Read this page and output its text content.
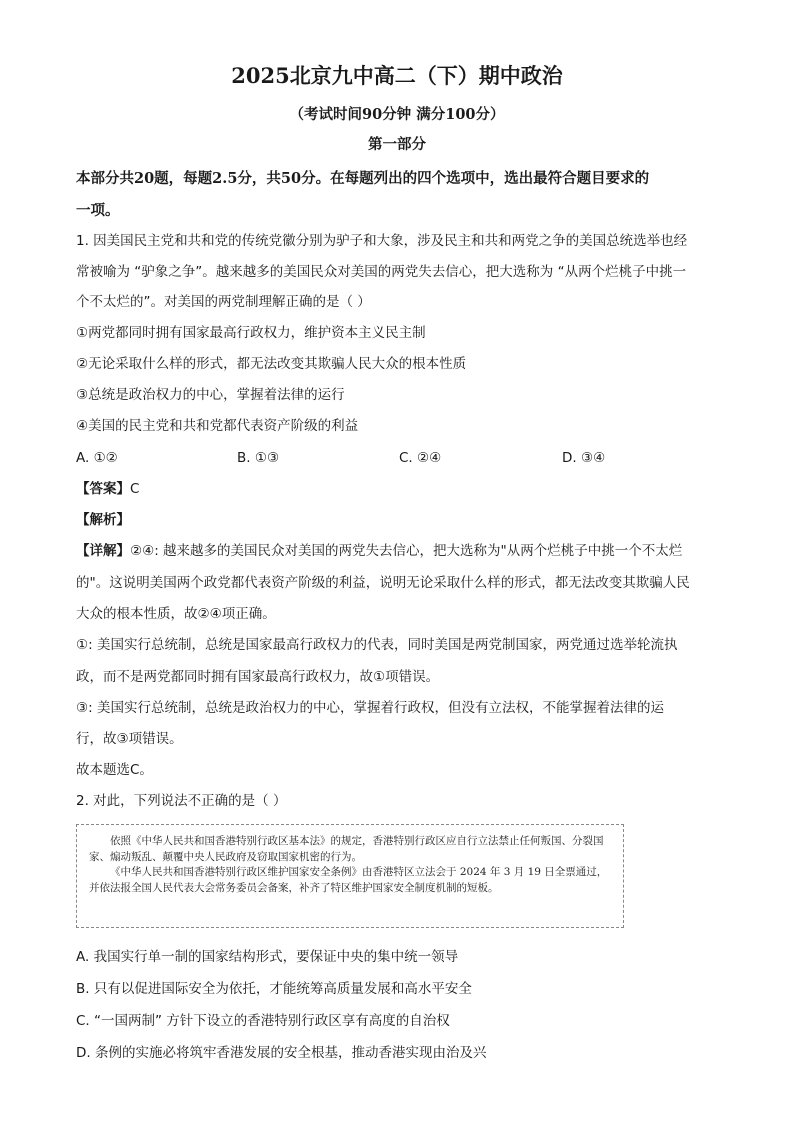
2025北京九中高二（下）期中政治
（考试时间90分钟 满分100分）
第一部分
本部分共20题，每题2.5分，共50分。在每题列出的四个选项中，选出最符合题目要求的
一项。
1. 因美国民主党和共和党的传统党徽分别为驴子和大象，涉及民主和共和两党之争的美国总统选举也经
常被喻为 “驴象之争”。越来越多的美国民众对美国的两党失去信心，把大选称为 “从两个烂桃子中挑一
个不太烂的”。对美国的两党制理解正确的是（ ）
①两党都同时拥有国家最高行政权力，维护资本主义民主制
②无论采取什么样的形式，都无法改变其欺骗人民大众的根本性质
③总统是政治权力的中心，掌握着法律的运行
④美国的民主党和共和党都代表资产阶级的利益
A. ①②	B. ①③	C. ②④	D. ③④
【答案】C
【解析】
【详解】②④: 越来越多的美国民众对美国的两党失去信心，把大选称为"从两个烂桃子中挑一个不太烂
的"。这说明美国两个政党都代表资产阶级的利益，说明无论采取什么样的形式，都无法改变其欺骗人民
大众的根本性质，故②④项正确。
①: 美国实行总统制，总统是国家最高行政权力的代表，同时美国是两党制国家，两党通过选举轮流执
政，而不是两党都同时拥有国家最高行政权力，故①项错误。
③: 美国实行总统制，总统是政治权力的中心，掌握着行政权，但没有立法权，不能掌握着法律的运
行，故③项错误。
故本题选C。
2. 对此，下列说法不正确的是（ ）

依照《中华人民共和国香港特别行政区基本法》的规定，香港特别行政区应自行立法禁止任何叛国、分裂国家、煽动叛乱、颠覆中央人民政府及窃取国家机密的行为。

《中华人民共和国香港特别行政区维护国家安全条例》由香港特区立法会于 2024 年 3 月 19 日全票通过，并依法报全国人民代表大会常务委员会备案，补齐了特区维护国家安全制度机制的短板。

A. 我国实行单一制的国家结构形式，要保证中央的集中统一领导
B. 只有以促进国际安全为依托，才能统筹高质量发展和高水平安全
C. “一国两制” 方针下设立的香港特别行政区享有高度的自治权
D. 条例的实施必将筑牢香港发展的安全根基，推动香港实现由治及兴
